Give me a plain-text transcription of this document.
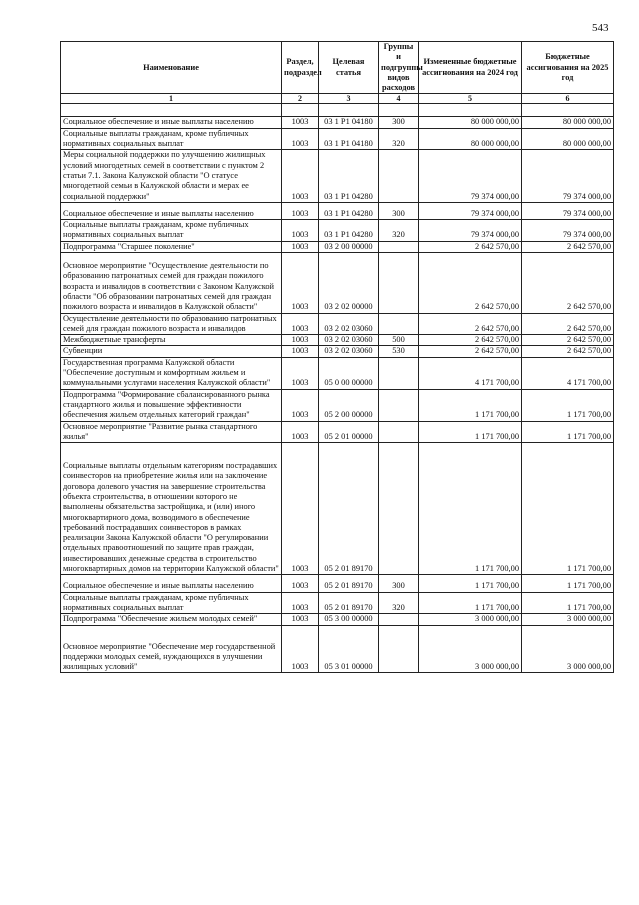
543
Наименование	Раздел, подраздел	Целевая статья	Группы и подгруппы видов расходов	Измененные бюджетные ассигнования на 2024 год	Бюджетные ассигнования на 2025 год
1	2	3	4	5	6

Социальное обеспечение и иные выплаты населению	1003	03 1 P1 04180	300	80 000 000,00	80 000 000,00
Социальные выплаты гражданам, кроме публичных нормативных социальных выплат	1003	03 1 P1 04180	320	80 000 000,00	80 000 000,00
Меры социальной поддержки по улучшению жилищных условий многодетных семей в соответствии с пунктом 2 статьи 7.1. Закона Калужской области "О статусе многодетной семьи в Калужской области и мерах ее социальной поддержки"	1003	03 1 P1 04280		79 374 000,00	79 374 000,00
Социальное обеспечение и иные выплаты населению	1003	03 1 P1 04280	300	79 374 000,00	79 374 000,00
Социальные выплаты гражданам, кроме публичных нормативных социальных выплат	1003	03 1 P1 04280	320	79 374 000,00	79 374 000,00
Подпрограмма "Старшее поколение"	1003	03 2 00 00000		2 642 570,00	2 642 570,00
Основное мероприятие "Осуществление деятельности по образованию патронатных семей для граждан пожилого возраста и инвалидов в соответствии с Законом Калужской области "Об образовании патронатных семей для граждан пожилого возраста и инвалидов в Калужской области"	1003	03 2 02 00000		2 642 570,00	2 642 570,00
Осуществление деятельности по образованию патронатных семей для граждан пожилого возраста и инвалидов	1003	03 2 02 03060		2 642 570,00	2 642 570,00
Межбюджетные трансферты	1003	03 2 02 03060	500	2 642 570,00	2 642 570,00
Субвенции	1003	03 2 02 03060	530	2 642 570,00	2 642 570,00
Государственная программа Калужской области "Обеспечение доступным и комфортным жильем и коммунальными услугами населения Калужской области"	1003	05 0 00 00000		4 171 700,00	4 171 700,00
Подпрограмма "Формирование сбалансированного рынка стандартного жилья и повышение эффективности обеспечения жильем отдельных категорий граждан"	1003	05 2 00 00000		1 171 700,00	1 171 700,00
Основное мероприятие "Развитие рынка стандартного жилья"	1003	05 2 01 00000		1 171 700,00	1 171 700,00
Социальные выплаты отдельным категориям пострадавших соинвесторов на приобретение жилья или на заключение договора долевого участия на завершение строительства объекта строительства, в отношении которого не выполнены обязательства застройщика, и (или) иного многоквартирного дома, возводимого в обеспечение требований пострадавших соинвесторов в рамках реализации Закона Калужской области "О регулировании отдельных правоотношений по защите прав граждан, инвестировавших денежные средства в строительство многоквартирных домов на территории Калужской области"	1003	05 2 01 89170		1 171 700,00	1 171 700,00
Социальное обеспечение и иные выплаты населению	1003	05 2 01 89170	300	1 171 700,00	1 171 700,00
Социальные выплаты гражданам, кроме публичных нормативных социальных выплат	1003	05 2 01 89170	320	1 171 700,00	1 171 700,00
Подпрограмма "Обеспечение жильем молодых семей"	1003	05 3 00 00000		3 000 000,00	3 000 000,00
Основное мероприятие "Обеспечение мер государственной поддержки молодых семей, нуждающихся в улучшении жилищных условий"	1003	05 3 01 00000		3 000 000,00	3 000 000,00
